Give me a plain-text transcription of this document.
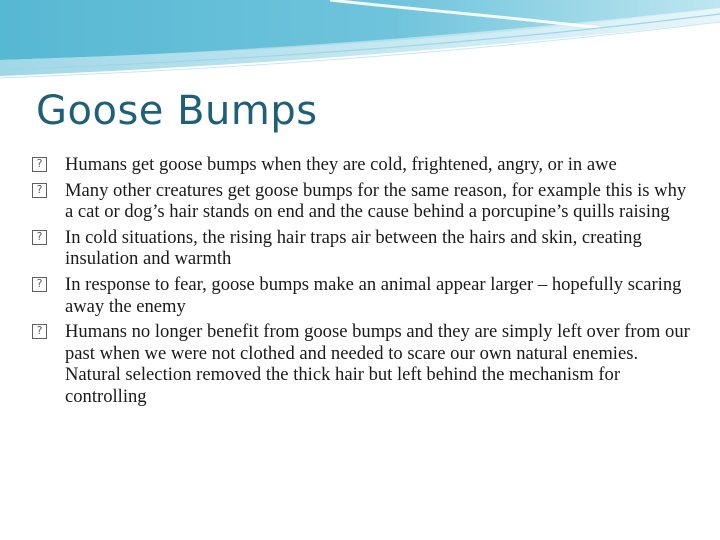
Goose Bumps
? Humans get goose bumps when they are cold, frightened, angry, or in awe
? Many other creatures get goose bumps for the same reason, for example this is why a cat or dog’s hair stands on end and the cause behind a porcupine’s quills raising
? In cold situations, the rising hair traps air between the hairs and skin, creating insulation and warmth
? In response to fear, goose bumps make an animal appear larger – hopefully scaring away the enemy
? Humans no longer benefit from goose bumps and they are simply left over from our past when we were not clothed and needed to scare our own natural enemies. Natural selection removed the thick hair but left behind the mechanism for controlling
